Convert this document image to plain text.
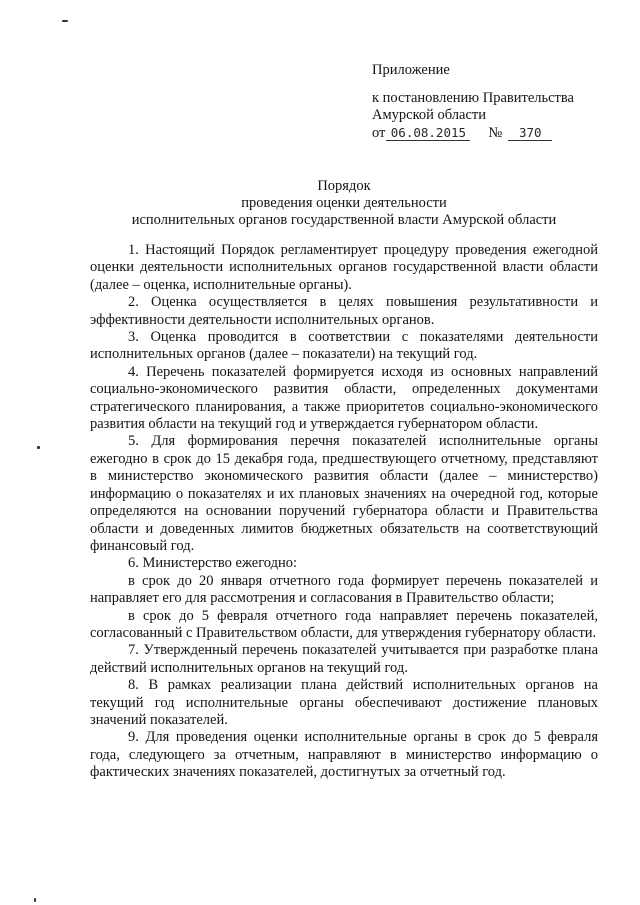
Приложение
к постановлению Правительства
Амурской области
от 06.08.2015 № 370
Порядок
проведения оценки деятельности
исполнительных органов государственной власти Амурской области

1. Настоящий Порядок регламентирует процедуру проведения ежегодной оценки деятельности исполнительных органов государственной власти области (далее – оценка, исполнительные органы).

2. Оценка осуществляется в целях повышения результативности и эффективности деятельности исполнительных органов.

3. Оценка проводится в соответствии с показателями деятельности исполнительных органов (далее – показатели) на текущий год.

4. Перечень показателей формируется исходя из основных направлений социально-экономического развития области, определенных документами стратегического планирования, а также приоритетов социально-экономического развития области на текущий год и утверждается губернатором области.

5. Для формирования перечня показателей исполнительные органы ежегодно в срок до 15 декабря года, предшествующего отчетному, представляют в министерство экономического развития области (далее – министерство) информацию о показателях и их плановых значениях на очередной год, которые определяются на основании поручений губернатора области и Правительства области и доведенных лимитов бюджетных обязательств на соответствующий финансовый год.

6. Министерство ежегодно:

в срок до 20 января отчетного года формирует перечень показателей и направляет его для рассмотрения и согласования в Правительство области;

в срок до 5 февраля отчетного года направляет перечень показателей, согласованный с Правительством области, для утверждения губернатору области.

7. Утвержденный перечень показателей учитывается при разработке плана действий исполнительных органов на текущий год.

8. В рамках реализации плана действий исполнительных органов на текущий год исполнительные органы обеспечивают достижение плановых значений показателей.

9. Для проведения оценки исполнительные органы в срок до 5 февраля года, следующего за отчетным, направляют в министерство информацию о фактических значениях показателей, достигнутых за отчетный год.
